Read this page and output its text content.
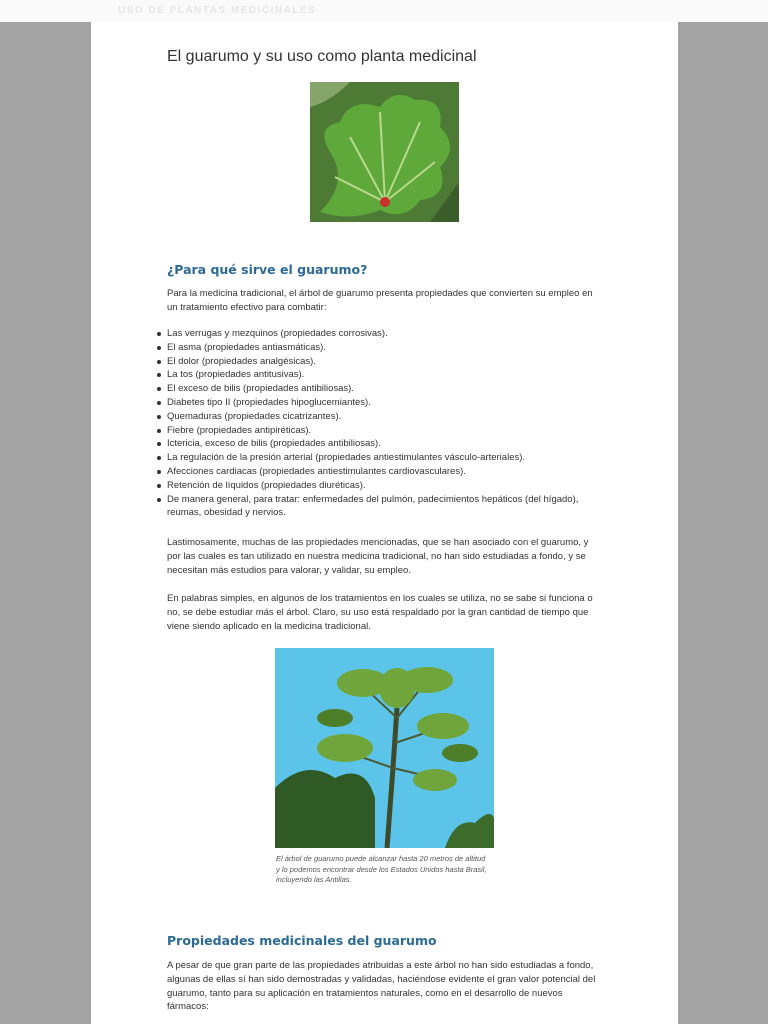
USO DE PLANTAS MEDICINALES
El guarumo y su uso como planta medicinal
¿Para qué sirve el guarumo?

Para la medicina tradicional, el árbol de guarumo presenta propiedades que convierten su empleo en un tratamiento efectivo para combatir:

Las verrugas y mezquinos (propiedades corrosivas).
El asma (propiedades antiasmáticas).
El dolor (propiedades analgésicas).
La tos (propiedades antitusivas).
El exceso de bilis (propiedades antibiliosas).
Diabetes tipo II (propiedades hipoglucemiantes).
Quemaduras (propiedades cicatrizantes).
Fiebre (propiedades antipiréticas).
Ictericia, exceso de bilis (propiedades antibiliosas).
La regulación de la presión arterial (propiedades antiestimulantes vásculo-arteriales).
Afecciones cardiacas (propiedades antiestimulantes cardiovasculares).
Retención de líquidos (propiedades diuréticas).
De manera general, para tratar: enfermedades del pulmón, padecimientos hepáticos (del hígado), reumas, obesidad y nervios.

Lastimosamente, muchas de las propiedades mencionadas, que se han asociado con el guarumo, y por las cuales es tan utilizado en nuestra medicina tradicional, no han sido estudiadas a fondo, y se necesitan más estudios para valorar, y validar, su empleo.

En palabras simples, en algunos de los tratamientos en los cuales se utiliza, no se sabe si funciona o no, se debe estudiar más el árbol. Claro, su uso está respaldado por la gran cantidad de tiempo que viene siendo aplicado en la medicina tradicional.

El árbol de guarumo puede alcanzar hasta 20 metros de altitud y lo podemos encontrar desde los Estados Unidos hasta Brasil, incluyendo las Antillas.

Propiedades medicinales del guarumo

A pesar de que gran parte de las propiedades atribuidas a este árbol no han sido estudiadas a fondo, algunas de ellas sí han sido demostradas y validadas, haciéndose evidente el gran valor potencial del guarumo, tanto para su aplicación en tratamientos naturales, como en el desarrollo de nuevos fármacos:
